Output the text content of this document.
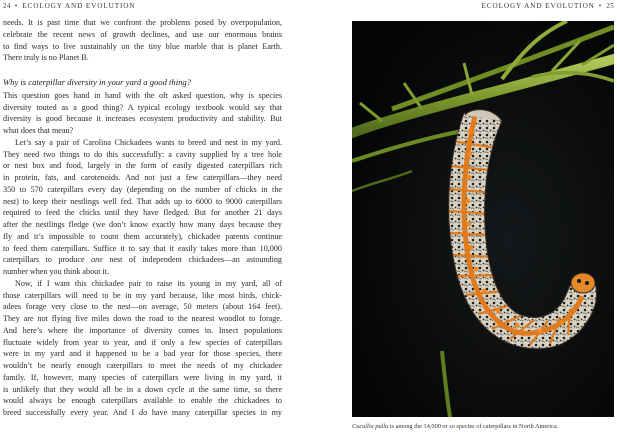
24 • ECOLOGY AND EVOLUTION	ECOLOGY AND EVOLUTION • 25

needs. It is past time that we confront the problems posed by overpopulation,
celebrate the recent news of growth declines, and use our enormous brains
to find ways to live sustainably on the tiny blue marble that is planet Earth.
There truly is no Planet B.

Why is caterpillar diversity in your yard a good thing?

This question goes hand in hand with the oft asked question, why is species
diversity touted as a good thing? A typical ecology textbook would say that
diversity is good because it increases ecosystem productivity and stability. But
what does that mean?

Let’s say a pair of Carolina Chickadees wants to breed and nest in my yard.
They need two things to do this successfully: a cavity supplied by a tree hole
or nest box and food, largely in the form of easily digested caterpillars rich
in protein, fats, and carotenoids. And not just a few caterpillars—they need
350 to 570 caterpillars every day (depending on the number of chicks in the
nest) to keep their nestlings well fed. That adds up to 6000 to 9000 caterpillars
required to feed the chicks until they have fledged. But for another 21 days
after the nestlings fledge (we don’t know exactly how many days because they
fly and it’s impossible to count them accurately), chickadee parents continue
to feed them caterpillars. Suffice it to say that it easily takes more than 10,000
caterpillars to produce one nest of independent chickadees—an astounding
number when you think about it.

Now, if I want this chickadee pair to raise its young in my yard, all of
those caterpillars will need to be in my yard because, like most birds, chick-
adees forage very close to the nest—on average, 50 meters (about 164 feet).
They are not flying five miles down the road to the nearest woodlot to forage.
And here’s where the importance of diversity comes in. Insect populations
fluctuate widely from year to year, and if only a few species of caterpillars
were in my yard and it happened to be a bad year for those species, there
wouldn’t be nearly enough caterpillars to meet the needs of my chickadee
family. If, however, many species of caterpillars were living in my yard, it
is unlikely that they would all be in a down cycle at the same time, so there
would always be enough caterpillars available to enable the chickadees to
breed successfully every year. And I do have many caterpillar species in my

Cucullia pulla is among the 14,000 or so species of caterpillars in North America.
